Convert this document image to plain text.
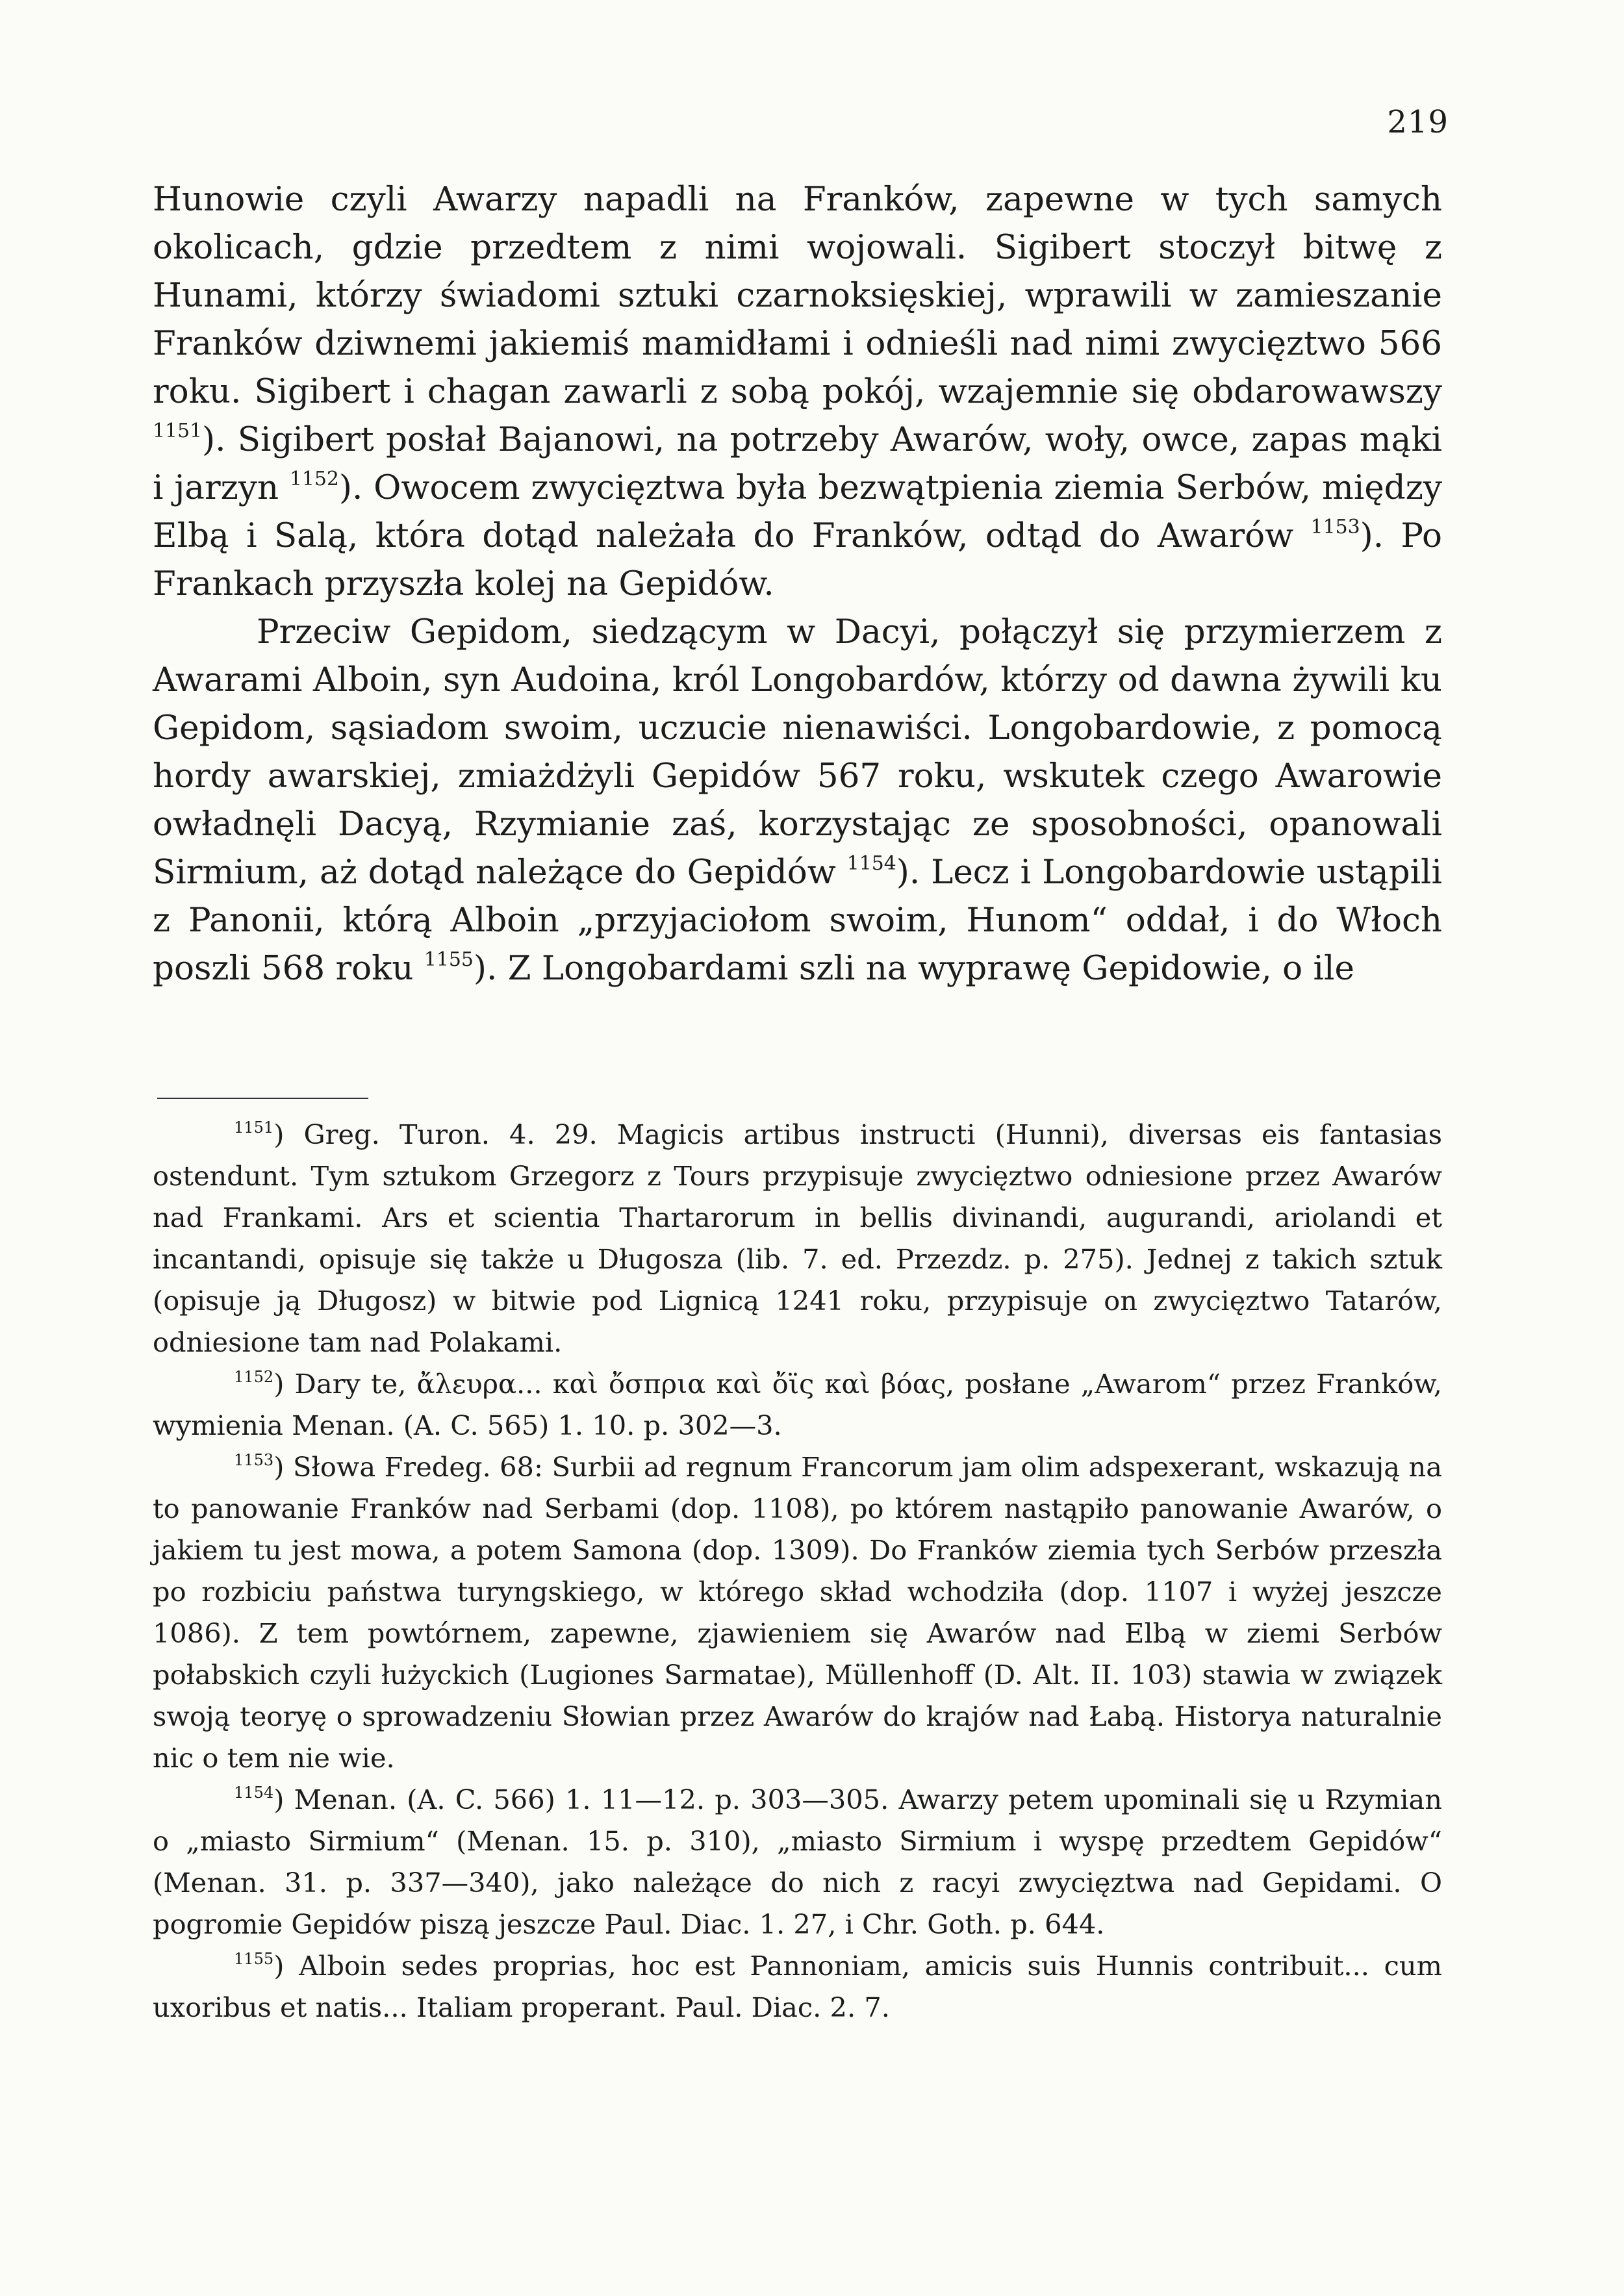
219

Hunowie czyli Awarzy napadli na Franków, zapewne w tych samych okolicach, gdzie przedtem z nimi wojowali. Sigibert stoczył bitwę z Hunami, którzy świadomi sztuki czarnoksięskiej, wprawili w zamieszanie Franków dziwnemi jakiemiś mamidłami i odnieśli nad nimi zwycięztwo 566 roku. Sigibert i chagan zawarli z sobą pokój, wzajemnie się obdarowawszy $^{1151}$). Sigibert posłał Bajanowi, na potrzeby Awarów, woły, owce, zapas mąki i jarzyn $^{1152}$). Owocem zwycięztwa była bezwątpienia ziemia Serbów, między Elbą i Salą, która dotąd należała do Franków, odtąd do Awarów $^{1153}$). Po Frankach przyszła kolej na Gepidów.

Przeciw Gepidom, siedzącym w Dacyi, połączył się przymierzem z Awarami Alboin, syn Audoina, król Longobardów, którzy od dawna żywili ku Gepidom, sąsiadom swoim, uczucie nienawiści. Longobardowie, z pomocą hordy awarskiej, zmiażdżyli Gepidów 567 roku, wskutek czego Awarowie owładnęli Dacyą, Rzymianie zaś, korzystając ze sposobności, opanowali Sirmium, aż dotąd należące do Gepidów $^{1154}$). Lecz i Longobardowie ustąpili z Panonii, którą Alboin „przyjaciołom swoim, Hunom“ oddał, i do Włoch poszli 568 roku $^{1155}$). Z Longobardami szli na wyprawę Gepidowie, o ile

$^{1151}$) Greg. Turon. 4. 29. Magicis artibus instructi (Hunni), diversas eis fantasias ostendunt. Tym sztukom Grzegorz z Tours przypisuje zwycięztwo odniesione przez Awarów nad Frankami. Ars et scientia Thartarorum in bellis divinandi, augurandi, ariolandi et incantandi, opisuje się także u Długosza (lib. 7. ed. Przezdz. p. 275). Jednej z takich sztuk (opisuje ją Długosz) w bitwie pod Lignicą 1241 roku, przypisuje on zwycięztwo Tatarów, odniesione tam nad Polakami.

$^{1152}$) Dary te, ἄλευρα... καὶ ὄσπρια καὶ ὄϊς καὶ βόας, posłane „Awarom“ przez Franków, wymienia Menan. (A. C. 565) 1. 10. p. 302—3.

$^{1153}$) Słowa Fredeg. 68: Surbii ad regnum Francorum jam olim adspexerant, wskazują na to panowanie Franków nad Serbami (dop. 1108), po którem nastąpiło panowanie Awarów, o jakiem tu jest mowa, a potem Samona (dop. 1309). Do Franków ziemia tych Serbów przeszła po rozbiciu państwa turyngskiego, w którego skład wchodziła (dop. 1107 i wyżej jeszcze 1086). Z tem powtórnem, zapewne, zjawieniem się Awarów nad Elbą w ziemi Serbów połabskich czyli łużyckich (Lugiones Sarmatae), Müllenhoff (D. Alt. II. 103) stawia w związek swoją teoryę o sprowadzeniu Słowian przez Awarów do krajów nad Łabą. Historya naturalnie nic o tem nie wie.

$^{1154}$) Menan. (A. C. 566) 1. 11—12. p. 303—305. Awarzy petem upominali się u Rzymian o „miasto Sirmium“ (Menan. 15. p. 310), „miasto Sirmium i wyspę przedtem Gepidów“ (Menan. 31. p. 337—340), jako należące do nich z racyi zwycięztwa nad Gepidami. O pogromie Gepidów piszą jeszcze Paul. Diac. 1. 27, i Chr. Goth. p. 644.

$^{1155}$) Alboin sedes proprias, hoc est Pannoniam, amicis suis Hunnis contribuit... cum uxoribus et natis... Italiam properant. Paul. Diac. 2. 7.
